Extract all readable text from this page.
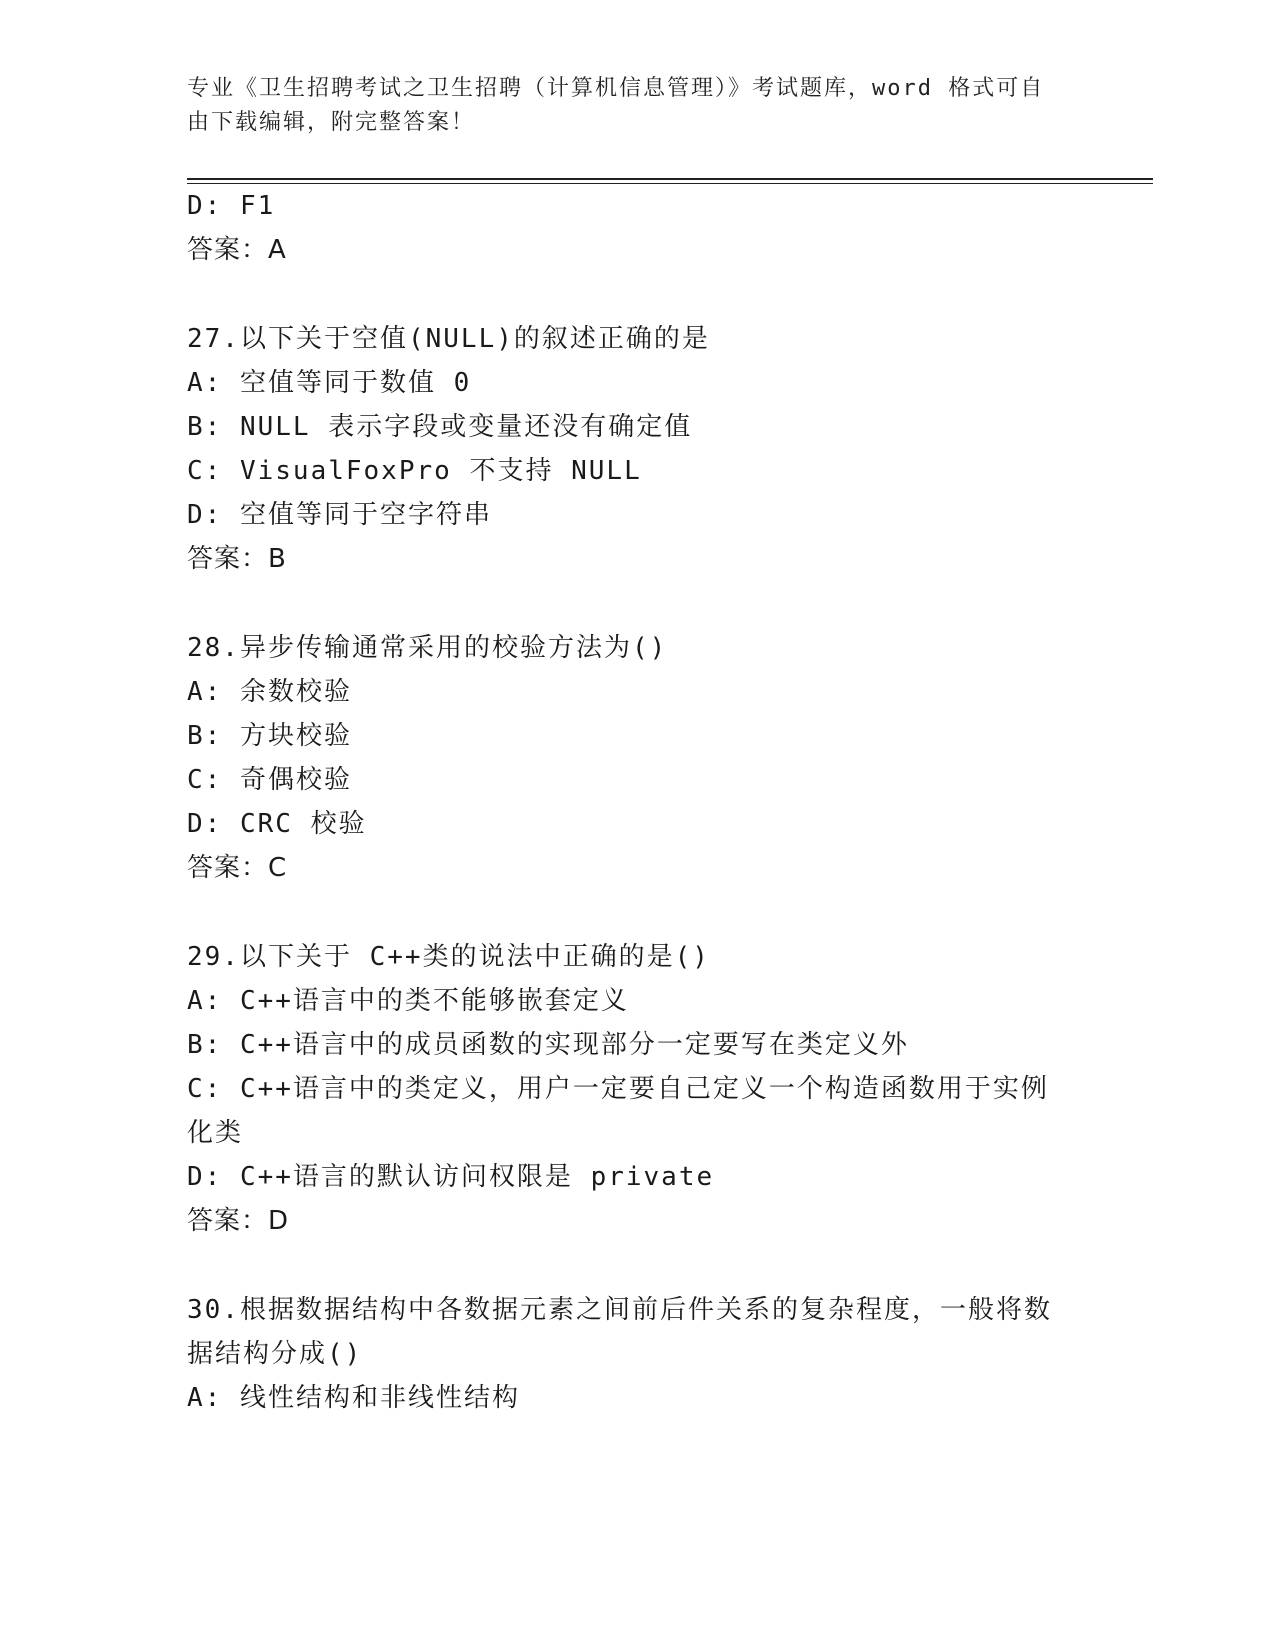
专业《卫生招聘考试之卫生招聘（计算机信息管理）》考试题库，word 格式可自
由下载编辑，附完整答案！
D: F1
答案：A
27.以下关于空值(NULL)的叙述正确的是
A: 空值等同于数值 0
B: NULL 表示字段或变量还没有确定值
C: VisualFoxPro 不支持 NULL
D: 空值等同于空字符串
答案：B
28.异步传输通常采用的校验方法为()
A: 余数校验
B: 方块校验
C: 奇偶校验
D: CRC 校验
答案：C
29.以下关于 C++类的说法中正确的是()
A: C++语言中的类不能够嵌套定义
B: C++语言中的成员函数的实现部分一定要写在类定义外
C: C++语言中的类定义，用户一定要自己定义一个构造函数用于实例
化类
D: C++语言的默认访问权限是 private
答案：D
30.根据数据结构中各数据元素之间前后件关系的复杂程度，一般将数
据结构分成()
A: 线性结构和非线性结构
